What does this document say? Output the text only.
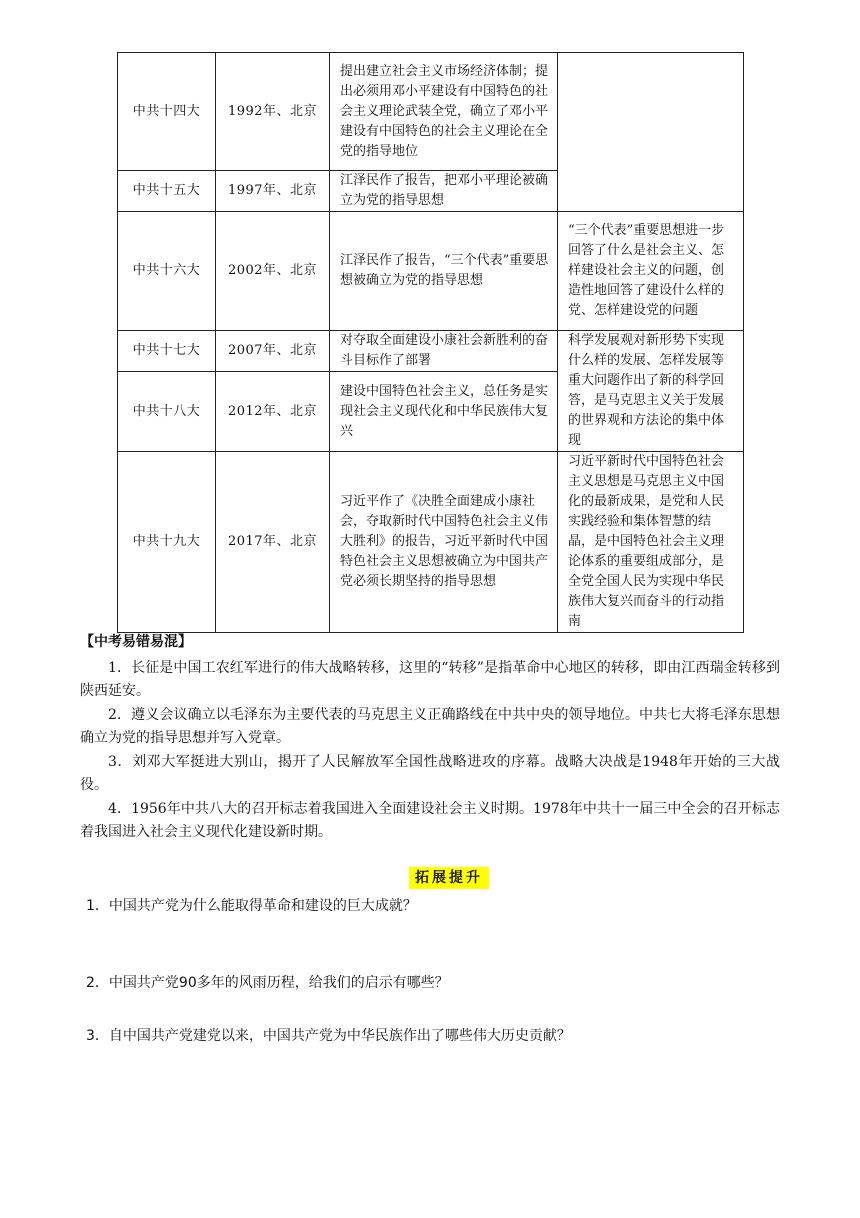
中共十四大	1992年、北京	提出建立社会主义市场经济体制；提出必须用邓小平建设有中国特色的社会主义理论武装全党，确立了邓小平建设有中国特色的社会主义理论在全党的指导地位	
中共十五大	1997年、北京	江泽民作了报告，把邓小平理论被确立为党的指导思想	
中共十六大	2002年、北京	江泽民作了报告，“三个代表”重要思想被确立为党的指导思想	“三个代表”重要思想进一步回答了什么是社会主义、怎样建设社会主义的问题，创造性地回答了建设什么样的党、怎样建设党的问题
中共十七大	2007年、北京	对夺取全面建设小康社会新胜利的奋斗目标作了部署	科学发展观对新形势下实现什么样的发展、怎样发展等重大问题作出了新的科学回答，是马克思主义关于发展的世界观和方法论的集中体现
中共十八大	2012年、北京	建设中国特色社会主义，总任务是实现社会主义现代化和中华民族伟大复兴	
中共十九大	2017年、北京	习近平作了《决胜全面建成小康社会，夺取新时代中国特色社会主义伟大胜利》的报告，习近平新时代中国特色社会主义思想被确立为中国共产党必须长期坚持的指导思想	习近平新时代中国特色社会主义思想是马克思主义中国化的最新成果，是党和人民实践经验和集体智慧的结晶，是中国特色社会主义理论体系的重要组成部分，是全党全国人民为实现中华民族伟大复兴而奋斗的行动指南
【中考易错易混】

1．长征是中国工农红军进行的伟大战略转移，这里的“转移”是指革命中心地区的转移，即由江西瑞金转移到陕西延安。

2．遵义会议确立以毛泽东为主要代表的马克思主义正确路线在中共中央的领导地位。中共七大将毛泽东思想确立为党的指导思想并写入党章。

3．刘邓大军挺进大别山，揭开了人民解放军全国性战略进攻的序幕。战略大决战是1948年开始的三大战役。

4．1956年中共八大的召开标志着我国进入全面建设社会主义时期。1978年中共十一届三中全会的召开标志着我国进入社会主义现代化建设新时期。

拓展提升
1．中国共产党为什么能取得革命和建设的巨大成就？
2．中国共产党90多年的风雨历程，给我们的启示有哪些？
3．自中国共产党建党以来，中国共产党为中华民族作出了哪些伟大历史贡献？
